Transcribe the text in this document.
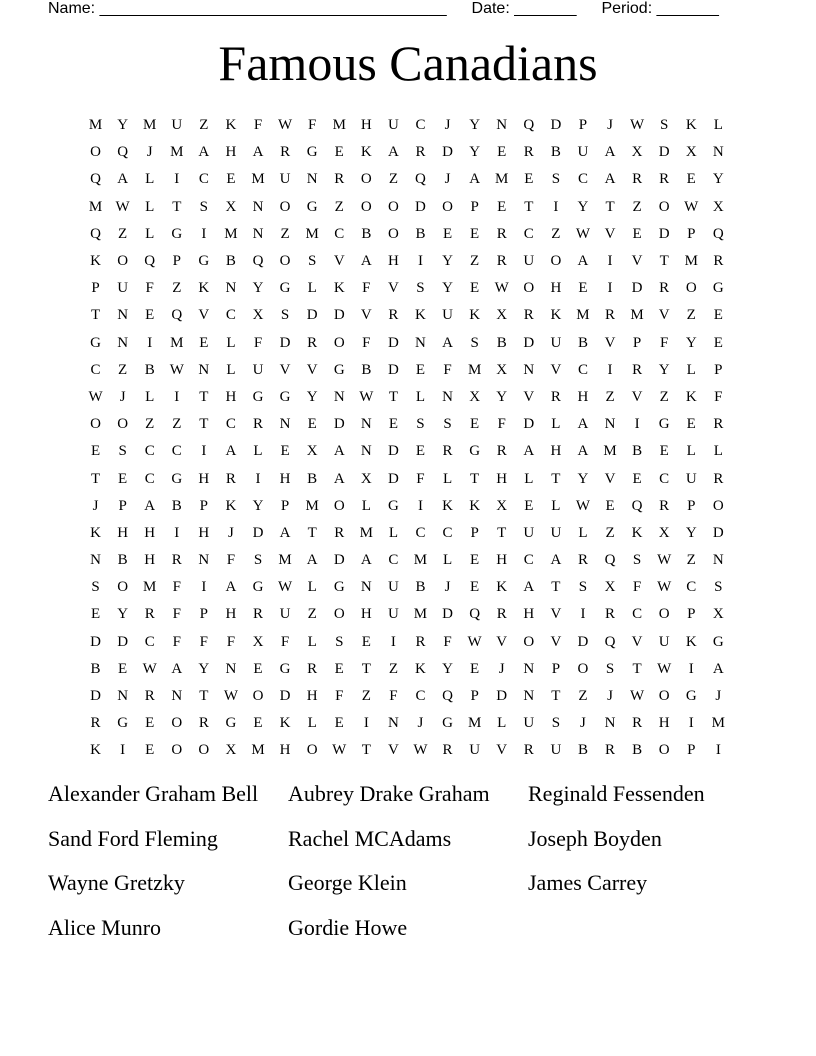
Name: _______________________________________ Date: _______ Period: _______
Famous Canadians
M Y M U	Z	K	F	W	F	M H	U	C	J	Y	N	Q	D	P	J	W	S	K	L
O	Q	J	M A	H	A	R	G	E	K	A	R	D	Y	E	R	B	U	A	X	D	X	N
Q	A	L	I	C	E	M U	N	R	O	Z	Q	J	A M	E	S	C	A	R	R	E	Y
M W	L	T	S	X	N	O	G	Z	O	O	D	O	P	E	T	I	Y	T	Z	O W X
Q	Z	L	G	I	M N	Z	M	C	B	O	B	E	E	R	C	Z	W V	E	D	P	Q
K	O	Q	P	G	B	Q	O	S	V	A	H	I	Y	Z	R	U	O	A	I	V	T	M	R
P	U	F	Z	K	N	Y	G	L	K	F	V	S	Y	E	W O	H	E	I	D	R	O	G
T	N	E	Q	V	C	X	S	D	D	V	R	K	U	K	X	R	K M	R	M V	Z	E
G	N	I	M	E	L	F	D	R	O	F	D	N	A	S	B	D	U	B	V	P	F	Y	E
C	Z	B W N	L	U	V	V	G	B	D	E	F	M X	N	V	C	I	R	Y	L	P
W	J	L	I	T	H	G	G	Y	N W	T	L	N	X	Y	V	R	H	Z	V	Z	K	F
O	O	Z	Z	T	C	R	N	E	D	N	E	S	S	E	F	D	L	A	N	I	G	E	R
E	S	C	C	I	A	L	E	X	A	N	D	E	R	G	R	A	H	A M	B	E	L	L
T	E	C	G	H	R	I	H	B	A	X	D	F	L	T	H	L	T	Y	V	E	C	U	R
J	P	A	B	P	K	Y	P	M O	L	G	I	K	K	X	E	L	W	E	Q	R	P	O
K	H	H	I	H	J	D	A	T	R	M	L	C	C	P	T	U	U	L	Z	K	X	Y	D
N	B	H	R	N	F	S	M A	D	A	C	M	L	E	H	C	A	R	Q	S	W	Z	N
S	O M	F	I	A	G W	L	G	N	U	B	J	E	K	A	T	S	X	F	W C	S
E	Y	R	F	P	H	R	U	Z	O	H	U M D	Q	R	H	V	I	R	C	O	P	X
D	D	C	F	F	F	X	F	L	S	E	I	R	F	W V	O	V	D	Q	V	U	K	G
B	E	W A	Y	N	E	G	R	E	T	Z	K	Y	E	J	N	P	O	S	T	W	I	A
D	N	R	N	T	W O	D	H	F	Z	F	C	Q	P	D	N	T	Z	J	W O	G	J
R	G	E	O	R	G	E	K	L	E	I	N	J	G M	L	U	S	J	N	R	H	I	M
K	I	E	O	O	X M H	O W	T	V W R	U	V	R	U	B	R	B	O	P	I
Alexander Graham Bell	Aubrey Drake Graham	Reginald Fessenden
Sand Ford Fleming	Rachel MCAdams	Joseph Boyden
Wayne Gretzky	George Klein	James Carrey
Alice Munro	Gordie Howe
